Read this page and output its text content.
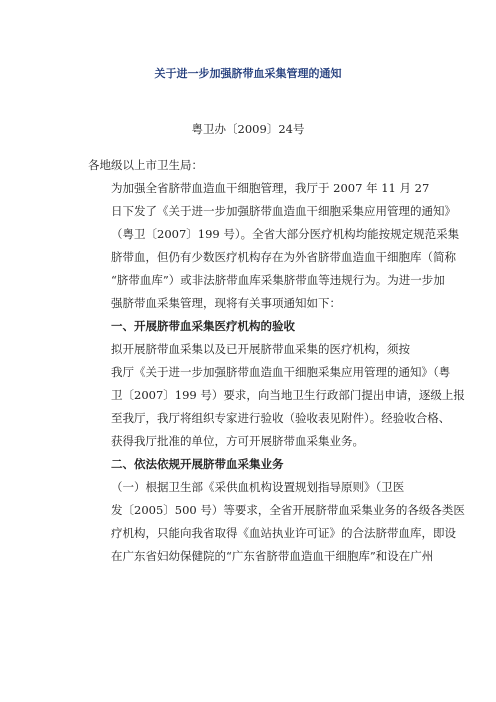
关于进一步加强脐带血采集管理的通知
粤卫办〔2009〕24号

各地级以上市卫生局：

为加强全省脐带血造血干细胞管理，我厅于 2007 年 11 月 27
日下发了《关于进一步加强脐带血造血干细胞采集应用管理的通知》
（粤卫〔2007〕199 号）。全省大部分医疗机构均能按规定规范采集
脐带血，但仍有少数医疗机构存在为外省脐带血造血干细胞库（简称
“脐带血库”）或非法脐带血库采集脐带血等违规行为。为进一步加
强脐带血采集管理，现将有关事项通知如下：

一、开展脐带血采集医疗机构的验收

拟开展脐带血采集以及已开展脐带血采集的医疗机构，须按
我厅《关于进一步加强脐带血造血干细胞采集应用管理的通知》（粤
卫〔2007〕199 号）要求，向当地卫生行政部门提出申请，逐级上报
至我厅，我厅将组织专家进行验收（验收表见附件）。经验收合格、
获得我厅批准的单位，方可开展脐带血采集业务。

二、依法依规开展脐带血采集业务

（一）根据卫生部《采供血机构设置规划指导原则》（卫医
发〔2005〕500 号）等要求，全省开展脐带血采集业务的各级各类医
疗机构，只能向我省取得《血站执业许可证》的合法脐带血库，即设
在广东省妇幼保健院的“广东省脐带血造血干细胞库”和设在广州
